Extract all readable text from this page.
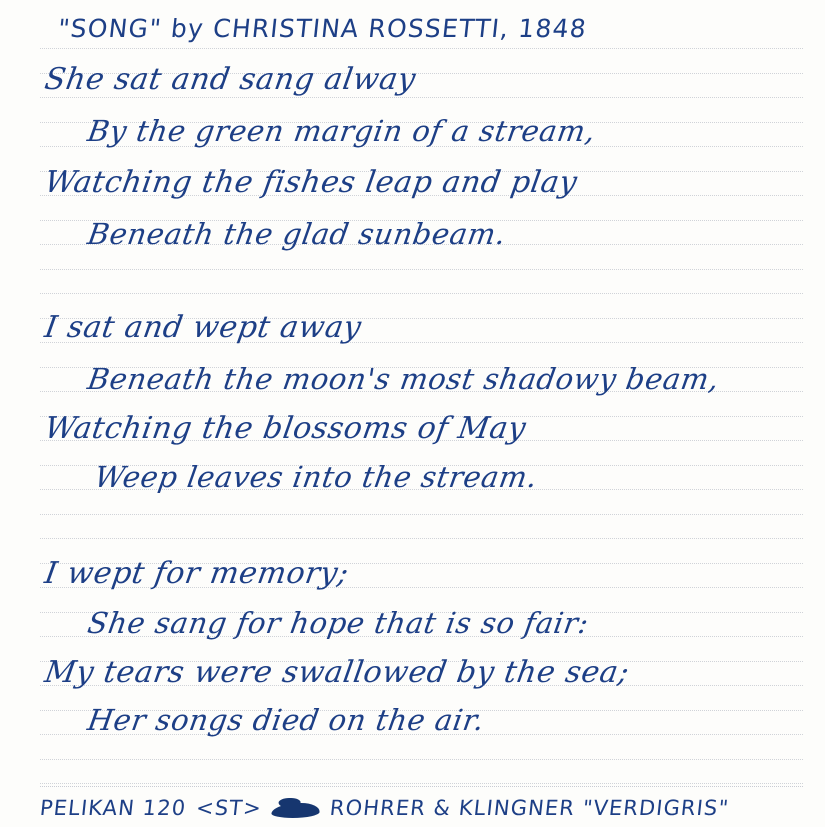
"SONG" by CHRISTINA ROSSETTI, 1848
She sat and sang alway
By the green margin of a stream,
Watching the fishes leap and play
Beneath the glad sunbeam.
I sat and wept away
Beneath the moon's most shadowy beam,
Watching the blossoms of May
Weep leaves into the stream.
I wept for memory;
She sang for hope that is so fair:
My tears were swallowed by the sea;
Her songs died on the air.
PELIKAN 120 <ST>	ROHRER & KLINGNER "VERDIGRIS"
